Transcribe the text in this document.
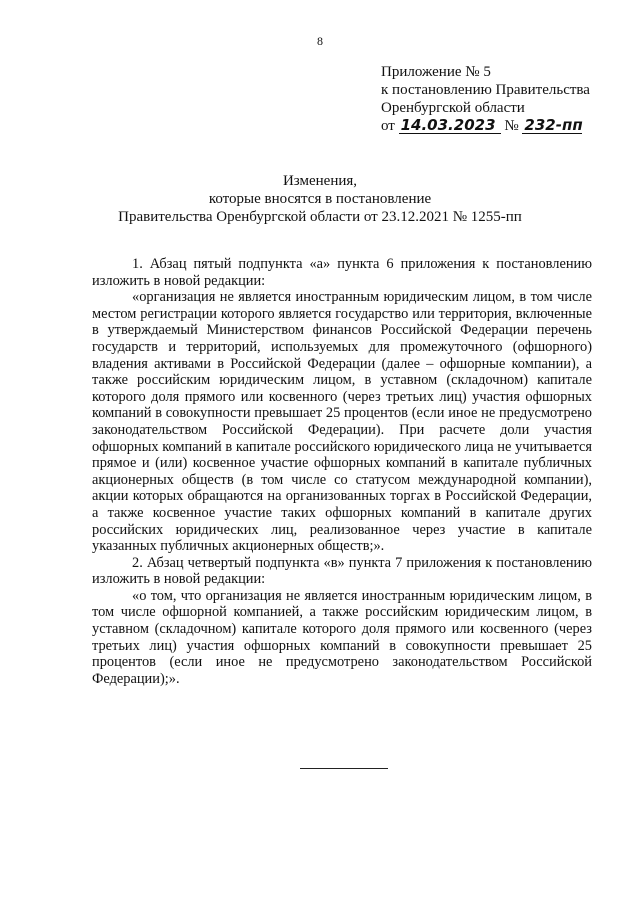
8
Приложение № 5
к постановлению Правительства
Оренбургской области
от 14.03.2023 № 232-пп
Изменения,
которые вносятся в постановление
Правительства Оренбургской области от 23.12.2021 № 1255-пп

1. Абзац пятый подпункта «а» пункта 6 приложения к постановлению изложить в новой редакции:

«организация не является иностранным юридическим лицом, в том числе местом регистрации которого является государство или территория, включенные в утверждаемый Министерством финансов Российской Федерации перечень государств и территорий, используемых для промежуточного (офшорного) владения активами в Российской Федерации (далее – офшорные компании), а также российским юридическим лицом, в уставном (складочном) капитале которого доля прямого или косвенного (через третьих лиц) участия офшорных компаний в совокупности превышает 25 процентов (если иное не предусмотрено законодательством Российской Федерации). При расчете доли участия офшорных компаний в капитале российского юридического лица не учитывается прямое и (или) косвенное участие офшорных компаний в капитале публичных акционерных обществ (в том числе со статусом международной компании), акции которых обращаются на организованных торгах в Российской Федерации, а также косвенное участие таких офшорных компаний в капитале других российских юридических лиц, реализованное через участие в капитале указанных публичных акционерных обществ;».

2. Абзац четвертый подпункта «в» пункта 7 приложения к постановлению изложить в новой редакции:

«о том, что организация не является иностранным юридическим лицом, в том числе офшорной компанией, а также российским юридическим лицом, в уставном (складочном) капитале которого доля прямого или косвенного (через третьих лиц) участия офшорных компаний в совокупности превышает 25 процентов (если иное не предусмотрено законодательством Российской Федерации);».
